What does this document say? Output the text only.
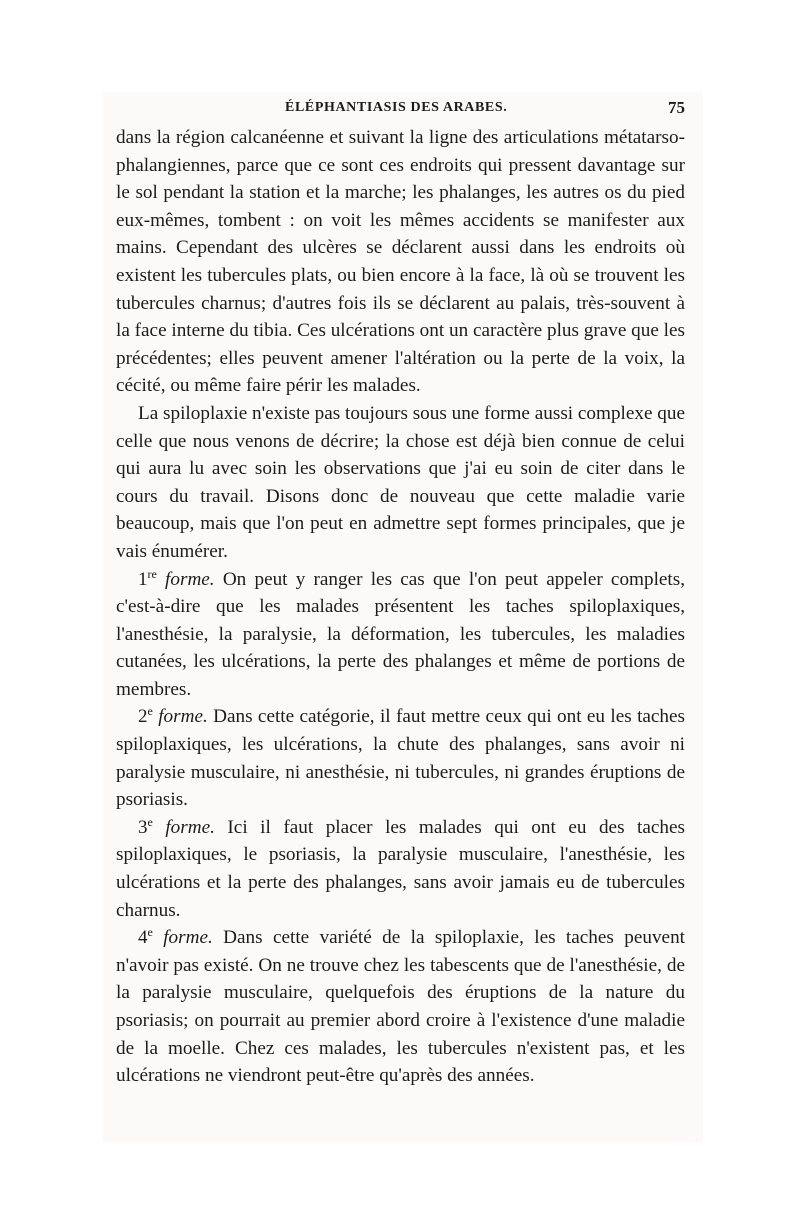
ÉLÉPHANTIASIS DES ARABES.	75

dans la région calcanéenne et suivant la ligne des articulations métatarso-phalangiennes, parce que ce sont ces endroits qui pressent davantage sur le sol pendant la station et la marche; les phalanges, les autres os du pied eux-mêmes, tombent : on voit les mêmes accidents se manifester aux mains. Cependant des ulcères se déclarent aussi dans les endroits où existent les tubercules plats, ou bien encore à la face, là où se trouvent les tubercules charnus; d'autres fois ils se déclarent au palais, très-souvent à la face interne du tibia. Ces ulcérations ont un caractère plus grave que les précédentes; elles peuvent amener l'altération ou la perte de la voix, la cécité, ou même faire périr les malades.

La spiloplaxie n'existe pas toujours sous une forme aussi complexe que celle que nous venons de décrire; la chose est déjà bien connue de celui qui aura lu avec soin les observations que j'ai eu soin de citer dans le cours du travail. Disons donc de nouveau que cette maladie varie beaucoup, mais que l'on peut en admettre sept formes principales, que je vais énumérer.

1re forme. On peut y ranger les cas que l'on peut appeler complets, c'est-à-dire que les malades présentent les taches spiloplaxiques, l'anesthésie, la paralysie, la déformation, les tubercules, les maladies cutanées, les ulcérations, la perte des phalanges et même de portions de membres.

2e forme. Dans cette catégorie, il faut mettre ceux qui ont eu les taches spiloplaxiques, les ulcérations, la chute des phalanges, sans avoir ni paralysie musculaire, ni anesthésie, ni tubercules, ni grandes éruptions de psoriasis.

3e forme. Ici il faut placer les malades qui ont eu des taches spiloplaxiques, le psoriasis, la paralysie musculaire, l'anesthésie, les ulcérations et la perte des phalanges, sans avoir jamais eu de tubercules charnus.

4e forme. Dans cette variété de la spiloplaxie, les taches peuvent n'avoir pas existé. On ne trouve chez les tabescents que de l'anesthésie, de la paralysie musculaire, quelquefois des éruptions de la nature du psoriasis; on pourrait au premier abord croire à l'existence d'une maladie de la moelle. Chez ces malades, les tubercules n'existent pas, et les ulcérations ne viendront peut-être qu'après des années.
